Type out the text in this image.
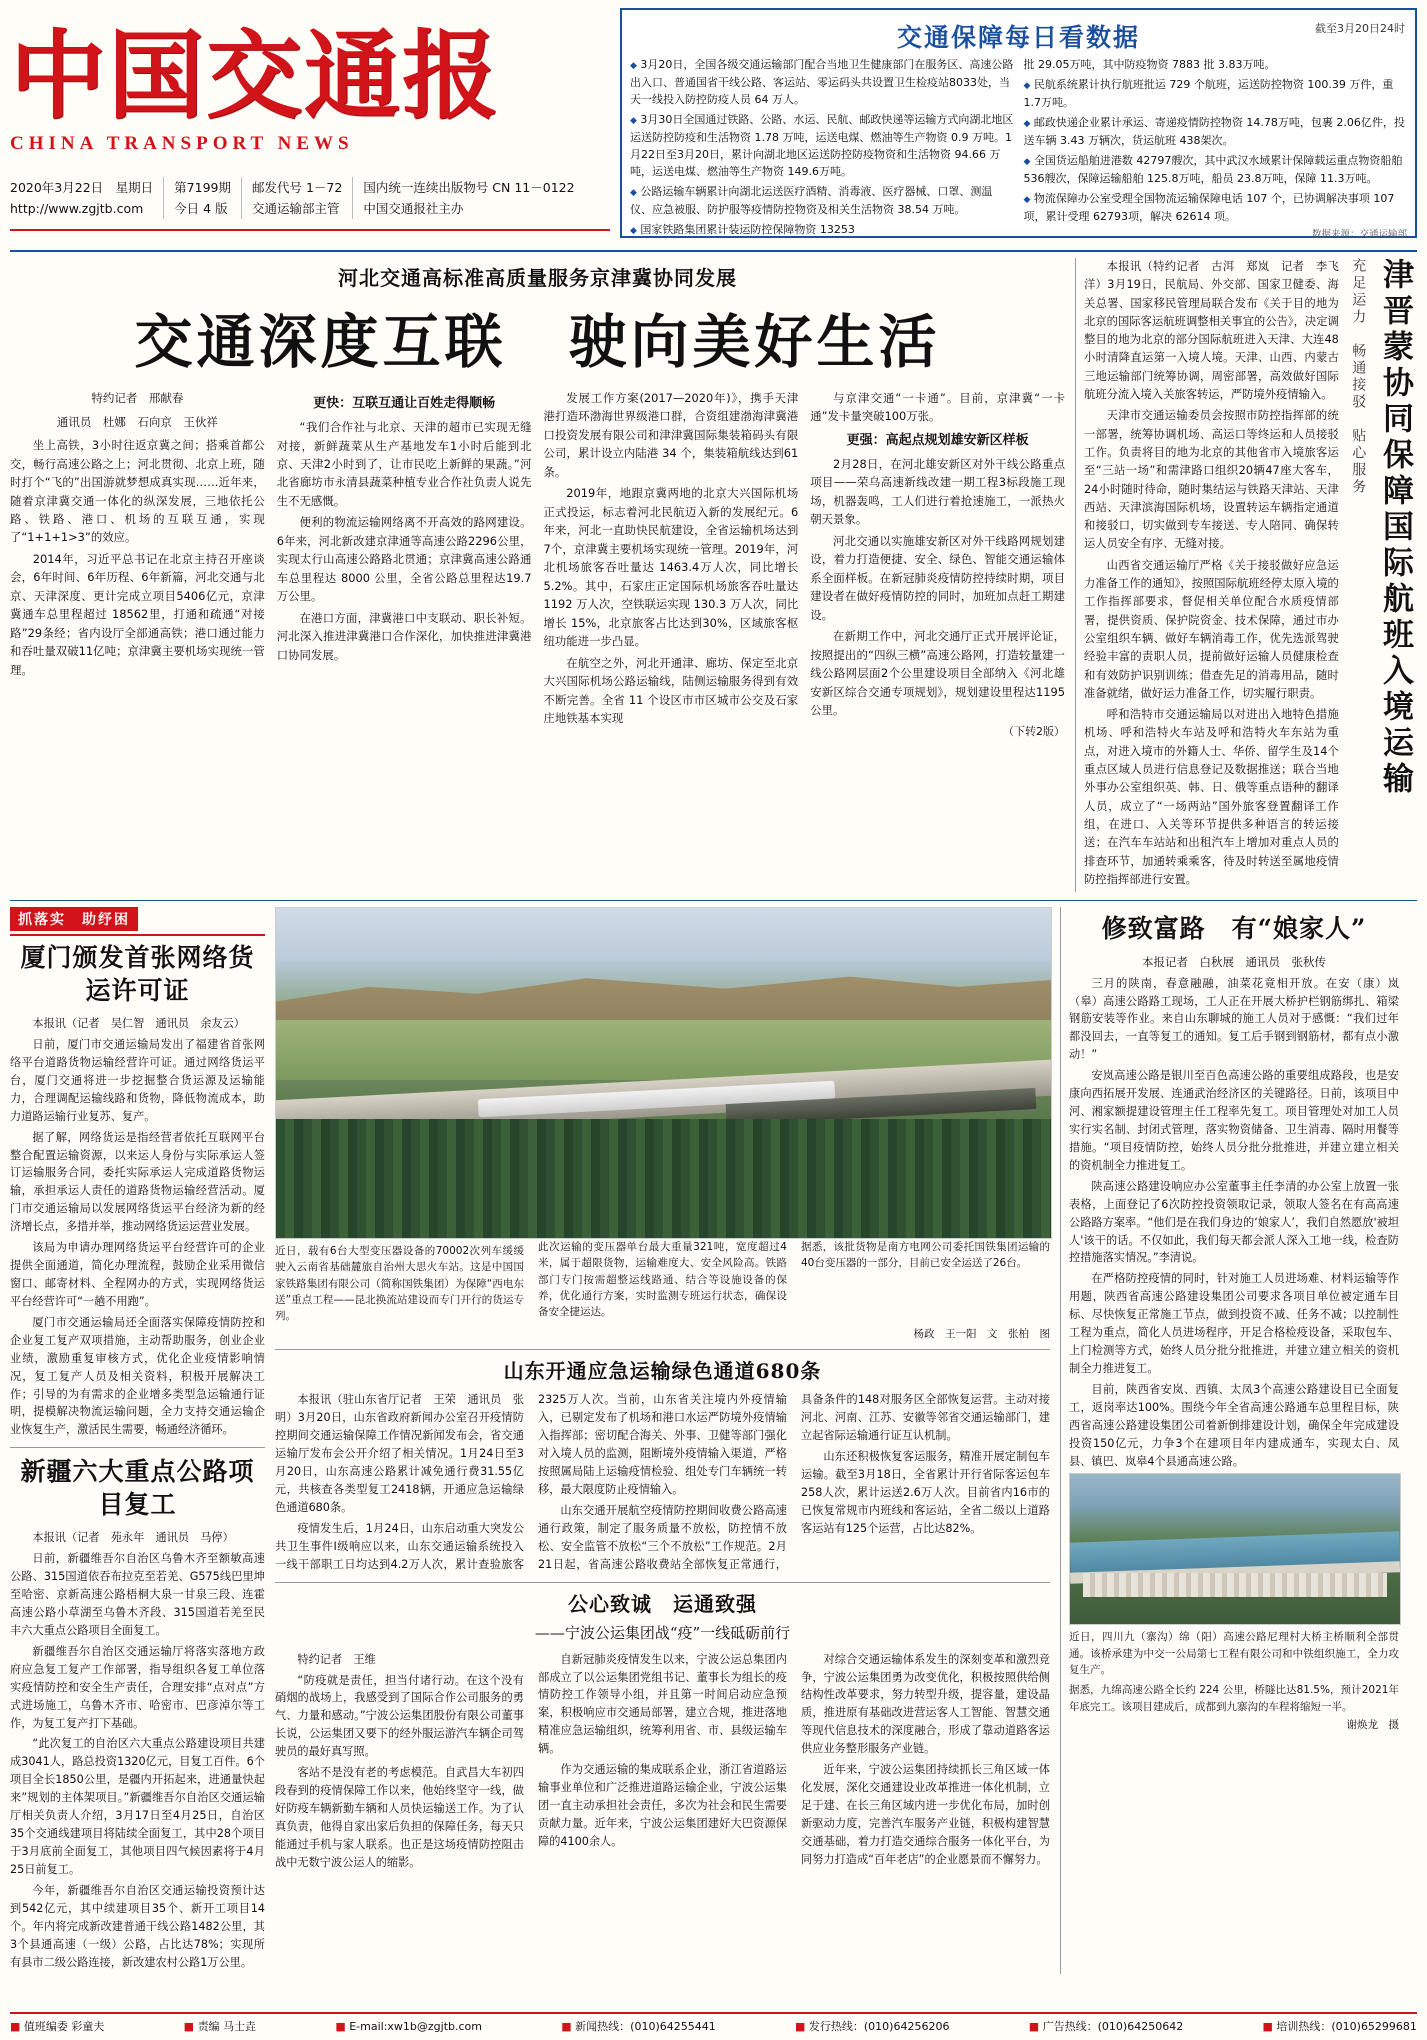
中国交通报
CHINA TRANSPORT NEWS
2020年3月22日　星期日
http://www.zgjtb.com
第7199期
今日 4 版
邮发代号 1－72
交通运输部主管
国内统一连续出版物号 CN 11－0122
中国交通报社主办
交通保障每日看数据	截至3月20日24时
◆ 3月20日，全国各级交通运输部门配合当地卫生健康部门在服务区、高速公路出入口、普通国省干线公路、客运站、零运码头共设置卫生检疫站8033处，当天一线投入防控防疫人员 64 万人。
◆ 3月30日全国通过铁路、公路、水运、民航、邮政快递等运输方式向湖北地区运送防控防疫和生活物资 1.78 万吨，运送电煤、燃油等生产物资 0.9 万吨。1月22日至3月20日，累计向湖北地区运送防控防疫物资和生活物资 94.66 万吨，运送电煤、燃油等生产物资 149.6万吨。
◆ 公路运输车辆累计向湖北运送医疗酒精、消毒液、医疗器械、口罩、测温仪、应急被服、防护服等疫情防控物资及相关生活物资 38.54 万吨。
◆ 国家铁路集团累计装运防控保障物资 13253
批 29.05万吨，其中防疫物资 7883 批 3.83万吨。
◆ 民航系统累计执行航班批运 729 个航班，运送防控物资 100.39 万件，重1.7万吨。
◆ 邮政快递企业累计承运、寄递疫情防控物资 14.78万吨，包裹 2.06亿件，投送车辆 3.43 万辆次，货运航班 438架次。
◆ 全国货运船舶进港数 42797艘次，其中武汉水域累计保障载运重点物资船舶 536艘次，保障运输船舶 125.8万吨，船员 23.8万吨，保障 11.3万吨。
◆ 物流保障办公室受理全国物流运输保障电话 107 个，已协调解决事项 107 项，累计受理 62793项，解决 62614 项。
数据来源：交通运输部
河北交通高标准高质量服务京津冀协同发展
交通深度互联　驶向美好生活
特约记者　邢献春
通讯员　杜娜　石向京　王伙祥

坐上高铁，3小时往返京冀之间；搭乘首都公交，畅行高速公路之上；河北贯彻、北京上班，随时打个“飞的”出国游就梦想成真实现……近年来，随着京津冀交通一体化的纵深发展，三地依托公路、铁路、港口、机场的互联互通，实现了“1+1+1>3”的效应。

2014年，习近平总书记在北京主持召开座谈会，6年时间、6年历程、6年新篇，河北交通与北京、天津深度、更计完成立项目5406亿元，京津冀通车总里程超过 18562里，打通和疏通“对接路”29条经；省内设厅全部通高铁；港口通过能力和吞吐量双破11亿吨；京津冀主要机场实现统一管理。

更快：互联互通让百姓走得顺畅

“我们合作社与北京、天津的超市已实现无缝对接，新鲜蔬菜从生产基地发车1小时后能到北京、天津2小时到了，让市民吃上新鲜的果蔬。”河北省廊坊市永清县蔬菜种植专业合作社负责人说先生不无感慨。

便利的物流运输网络离不开高效的路网建设。6年来，河北新改建京津通等高速公路2296公里，实现太行山高速公路路北贯通；京津冀高速公路通车总里程达 8000 公里，全省公路总里程达19.7万公里。

在港口方面，津冀港口中支联动、职长补短。河北深入推进津冀港口合作深化，加快推进津冀港口协同发展。

发展工作方案(2017—2020年)》，携手天津港打造环渤海世界级港口群，合资组建渤海津冀港口投资发展有限公司和津津冀国际集装箱码头有限公司，累计设立内陆港 34 个，集装箱航线达到61条。

2019年，地跟京冀两地的北京大兴国际机场正式投运，标志着河北民航迈入新的发展纪元。6年来，河北一直助快民航建设，全省运输机场达到7个，京津冀主要机场实现统一管理。2019年，河北机场旅客吞吐量达 1463.4万人次，同比增长 5.2%。其中，石家庄正定国际机场旅客吞吐量达 1192 万人次，空铁联运实现 130.3 万人次，同比增长 15%，北京旅客占比达到30%，区域旅客枢纽功能进一步凸显。

在航空之外，河北开通津、廊坊、保定至北京大兴国际机场公路运输线，陆侧运输服务得到有效不断完善。全省 11 个设区市市区城市公交及石家庄地铁基本实现

与京津交通“一卡通”。目前，京津冀“一卡通”发卡量突破100万张。

更强：高起点规划雄安新区样板

2月28日，在河北雄安新区对外干线公路重点项目——荣乌高速新线改建一期工程3标段施工现场，机器轰鸣，工人们进行着抢速施工，一派热火朝天景象。

河北交通以实施雄安新区对外干线路网规划建设，着力打造便捷、安全、绿色、智能交通运输体系全面样板。在新冠肺炎疫情防控持续时期，项目建设者在做好疫情防控的同时，加班加点赶工期建设。

在新期工作中，河北交通厅正式开展评论证，按照提出的“四纵三横”高速公路网，打造较量建一线公路网层面2个公里建设项目全部纳入《河北雄安新区综合交通专项规划》，规划建设里程达1195公里。

（下转2版）

本报讯（特约记者　古洱　郑岚　记者　李飞洋）3月19日，民航局、外交部、国家卫健委、海关总署、国家移民管理局联合发布《关于目的地为北京的国际客运航班调整相关事宜的公告》，决定调整目的地为北京的部分国际航班进入天津、大连48小时清降直运第一入境人境。天津、山西、内蒙古三地运输部门统筹协调，周密部署，高效做好国际航班分流入境入关旅客转运，严防境外疫情输入。

天津市交通运输委员会按照市防控指挥部的统一部署，统筹协调机场、高运口等终运和人员接驳工作。负责将目的地为北京的其他省市入境旅客运至“三站一场”和需津路口组织20辆47座大客车，24小时随时待命，随时集结运与铁路天津站、天津西站、天津滨海国际机场，设置转运车辆指定通道和接驳口，切实做到专车接送、专人陪同、确保转运人员安全有序、无缝对接。

山西省交通运输厅严格《关于接驳做好应急运力准备工作的通知》，按照国际航班经停太原入境的工作指挥部要求，督促相关单位配合水质疫情部署，提供资质、保护院资金、技术保障，通过市办公室组织车辆、做好车辆消毒工作，优先选派驾驶经验丰富的责职人员，提前做好运输人员健康检查和有效防护识别训练；借查先足的消毒用品，随时准备就绪，做好运力准备工作，切实履行职责。

呼和浩特市交通运输局以对进出入地特色措施机场、呼和浩特火车站及呼和浩特火车东站为重点，对进入境市的外籍人士、华侨、留学生及14个重点区域人员进行信息登记及数据推送；联合当地外事办公室组织英、韩、日、俄等重点语种的翻译人员，成立了“一场两站”国外旅客登置翻译工作组，在进口、入关等环节提供多种语言的转运接送；在汽车车站站和出租汽车上增加对重点人员的排查环节，加通转乘乘客，待及时转送至属地疫情防控指挥部进行安置。

充足运力　畅通接驳　贴心服务 津晋蒙协同保障国际航班入境运输
抓落实　助纾困
厦门颁发首张网络货运许可证

本报讯（记者　吴仁智　通讯员　余友云）

日前，厦门市交通运输局发出了福建省首张网络平台道路货物运输经营许可证。通过网络货运平台，厦门交通将进一步挖掘整合货运源及运输能力，合理调配运输线路和货物，降低物流成本，助力道路运输行业复苏、复产。

据了解，网络货运是指经营者依托互联网平台整合配置运输资源，以来运人身份与实际承运人签订运输服务合同，委托实际承运人完成道路货物运输，承担承运人责任的道路货物运输经营活动。厦门市交通运输局以发展网络货运平台经济为新的经济增长点，多措并举，推动网络货运运营业发展。

该局为申请办理网络货运平台经营许可的企业提供全面通道，简化办理流程，鼓励企业采用微信窗口、邮寄材料、全程网办的方式，实现网络货运平台经营许可“一趟不用跑”。

厦门市交通运输局还全面落实保障疫情防控和企业复工复产双项措施，主动帮助服务，创业企业业绩，激励重复审核方式，优化企业疫情影响情况，复工复产人员及相关资料，积极开展解决工作；引导的为有需求的企业增多类型急运输通行证明，提模解决物流运输问题，全力支持交通运输企业恢复生产，激活民生需要，畅通经济循环。

新疆六大重点公路项目复工

本报讯（记者　苑永年　通讯员　马停）

日前，新疆维吾尔自治区乌鲁木齐至额敏高速公路、315国道依吞布拉克至若羌、G575线巴里坤至哈密、京新高速公路梧桐大泉一甘泉三段、连霍高速公路小草湖至乌鲁木齐段、315国道若羌至民丰六大重点公路项目全面复工。

新疆维吾尔自治区交通运输厅将落实落地方政府应急复工复产工作部署，指导组织各复工单位落实疫情防控和安全生产责任，合理安排“点对点”方式进场施工，乌鲁木齐市、哈密市、巴彦淖尔等工作，为复工复产打下基础。

“此次复工的自治区六大重点公路建设项目共建成3041人，路总投资1320亿元，目复工百件。6个项目全长1850公里，是疆内开拓起来，进通量快起来”规划的主体架项目。”新疆维吾尔自治区交通运输厅相关负责人介绍，3月17日至4月25日，自治区35个交通线建项目将陆续全面复工，其中28个项目于3月底前全面复工，其他项目四气候因素将于4月25日前复工。

今年，新疆维吾尔自治区交通运输投资预计达到542亿元，其中续建项目35个、新开工项目14个。年内将完成新改建普通干线公路1482公里，其3个县通高速（一级）公路，占比达78%；实现所有县市二级公路连接，新改建农村公路1万公里。

近日，载有6台大型变压器设备的70002次列车缓缓驶入云南省基础麓旅自治州大思火车站。这是中国国家铁路集团有限公司（简称国铁集团）为保障“西电东送”重点工程——昆北换流站建设而专门开行的货运专列。
此次运输的变压器单台最大重量321吨，宽度超过4米，属于超限货物，运输难度大、安全风险高。铁路部门专门按需超整运线路通、结合等设施设备的保养，优化通行方案，实时监测专班运行状态，确保设备安全捷运达。
据悉，该批货物是南方电网公司委托国铁集团运输的40台变压器的一部分，目前已安全运送了26台。
杨政　王一阳　文　张柏　图
山东开通应急运输绿色通道680条

本报讯（驻山东省厅记者　王荣　通讯员　张明）3月20日，山东省政府新闻办公室召开疫情防控期间交通运输保障工作情况新闻发布会，省交通运输厅发布会公开介绍了相关情况。1月24日至3月20日，山东高速公路累计减免通行费31.55亿元，共核查各类型复工2418辆，开通应急运输绿色通道680条。

疫情发生后，1月24日，山东启动重大突发公共卫生事件Ⅰ级响应以来，山东交通运输系统投入一线干部职工日均达到4.2万人次，累计查验旅客2325万人次。当前，山东省关注境内外疫情输入，已剔定发布了机场和港口水运严防境外疫情输入指挥部；密切配合海关、外事、卫健等部门强化对入境人员的监测，阻断境外疫情输入渠道，严格按照属局陆上运输疫情检验、组处专门车辆统一转移，最大限度防止疫情输入。

山东交通开展航空疫情防控期间收费公路高速通行政策，制定了服务质量不放松，防控情不放松、安全监管不放松“三个不放松”工作规范。2月21日起，省高速公路收费站全部恢复正常通行，具备条件的148对服务区全部恢复运营。主动对接河北、河南、江苏、安徽等邻省交通运输部门，建立起省际运输通行证互认机制。

山东还积极恢复客运服务，精准开展定制包车运输。截至3月18日，全省累计开行省际客运包车258人次，累计运送2.6万人次。目前省内16市的已恢复常规市内班线和客运站，全省二级以上道路客运站有125个运营，占比达82%。

公心致诚　运通致强
——宁波公运集团战“疫”一线砥砺前行

特约记者　王维

“防疫就是责任，担当付诸行动。在这个没有硝烟的战场上，我感受到了国际合作公司服务的勇气、力量和感动。”宁波公运集团股份有限公司董事长说，公运集团又要下的经外服运游汽车辆企司驾驶员的最好真写照。

客站不是没有老的考虑模范。自武昌大车初四段春到的疫情保障工作以来，他始终坚守一线，做好防疫车辆新勤车辆和人员快运输送工作。为了认真负责，他得自家出家后负担的保障任务，每天只能通过手机与家人联系。也正是这场疫情防控阻击战中无数宁波公运人的缩影。

自新冠肺炎疫情发生以来，宁波公运总集团内部成立了以公运集团党组书记、董事长为组长的疫情防控工作领导小组，并且第一时间启动应急预案，积极响应市交通局部署，建立合规，推进落地精准应急运输组织，统筹利用省、市、县级运输车辆。

作为交通运输的集成联系企业，浙江省道路运输事业单位和广泛推进道路运输企业，宁波公运集团一直主动承担社会责任，多次为社会和民生需要贡献力量。近年来，宁波公运集团建好大巴资源保障的4100余人。

对综合交通运输体系发生的深刻变革和激烈竞争，宁波公运集团勇为改变优化，积极按照供给侧结构性改革要求，努力转型升级，提容量，建设晶质，推进原有基础改进营运客人工智能、智慧交通等现代信息技术的深度融合，形成了靠动道路客运供应业务整形服务产业链。

近年来，宁波公运集团持续抓长三角区域一体化发展，深化交通建设业改革推进一体化机制，立足于建、在长三角区域内进一步优化布局，加时创新驱动力度，完善汽车服务产业链，积极构建智慧交通基础，着力打造交通综合服务一体化平台，为同努力打造成“百年老店”的企业愿景而不懈努力。

修致富路　有“娘家人”
本报记者　白秋展　通讯员　张秋传

三月的陕南，春意融融，油菜花竟相开放。在安（康）岚（皋）高速公路路工现场，工人正在开展大桥护栏钢筋绑扎、箱梁钢筋安装等作业。来自山东聊城的施工人员对于感慨：“我们过年都没回去，一直等复工的通知。复工后手钢到钢筋材，都有点小激动！”

安岚高速公路是银川至百色高速公路的重要组成路段，也是安康向西拓展开发展、连通武治经济区的关键路径。日前，该项目中河、湘家额提建设管理主任工程率先复工。项目管理处对加工人员实行实名制、封闭式管理，落实物资储备、卫生消毒、隔时用餐等措施。“项目疫情防控，始终人员分批分批推进，并建立建立相关的资机制全力推进复工。

陕高速公路建设响应办公室董事主任李清的办公室上放置一张表格，上面登记了6次防控投资领取记录，领取人签名在有高高速公路路方案率。“他们是在我们身边的‘娘家人’，我们自然愿放'被坦人'该干的话。不仅如此，我们每天都会派人深入工地一线，检查防控措施落实情况。”李清说。

在严格防控疫情的同时，针对施工人员进场难、材料运输等作用题，陕西省高速公路建设集团公司要求各项目单位被定通车目标、尽快恢复正常施工节点，做到投资不减、任务不减；以控制性工程为重点，简化人员进场程序，开足合格检疫设备，采取包车、上门检测等方式，始终人员分批分批推进，并建立建立相关的资机制全力推进复工。

目前，陕西省安岚、西镇、太凤3个高速公路建设目已全面复工，返岗率达100%。围绕今年全省高速公路通车总里程目标，陕西省高速公路建设集团公司着新倒排建设计划，确保全年完成建设投资150亿元，力争3个在建项目年内建成通车，实现太白、凤县、镇巴、岚皋4个县通高速公路。

近日，四川九（寨沟）绵（阳）高速公路尼理村大桥主桥顺利全部贯通。该桥承建为中交一公局第七工程有限公司和中铁组织施工，全力攻复生产。
据悉，九绵高速公路全长约 224 公里，桥隧比达81.5%，预计2021年年底完工。该项目建成后，成都到九寨沟的车程将缩短一半。
谢焕龙　摄
■ 值班编委 彩童夫	■ 责编 马士垚	■ E-mail:xw1b@zgjtb.com	■ 新闻热线：(010)64255441	■ 发行热线：(010)64256206	■ 广告热线：(010)64250642	■ 培训热线：(010)65299681
